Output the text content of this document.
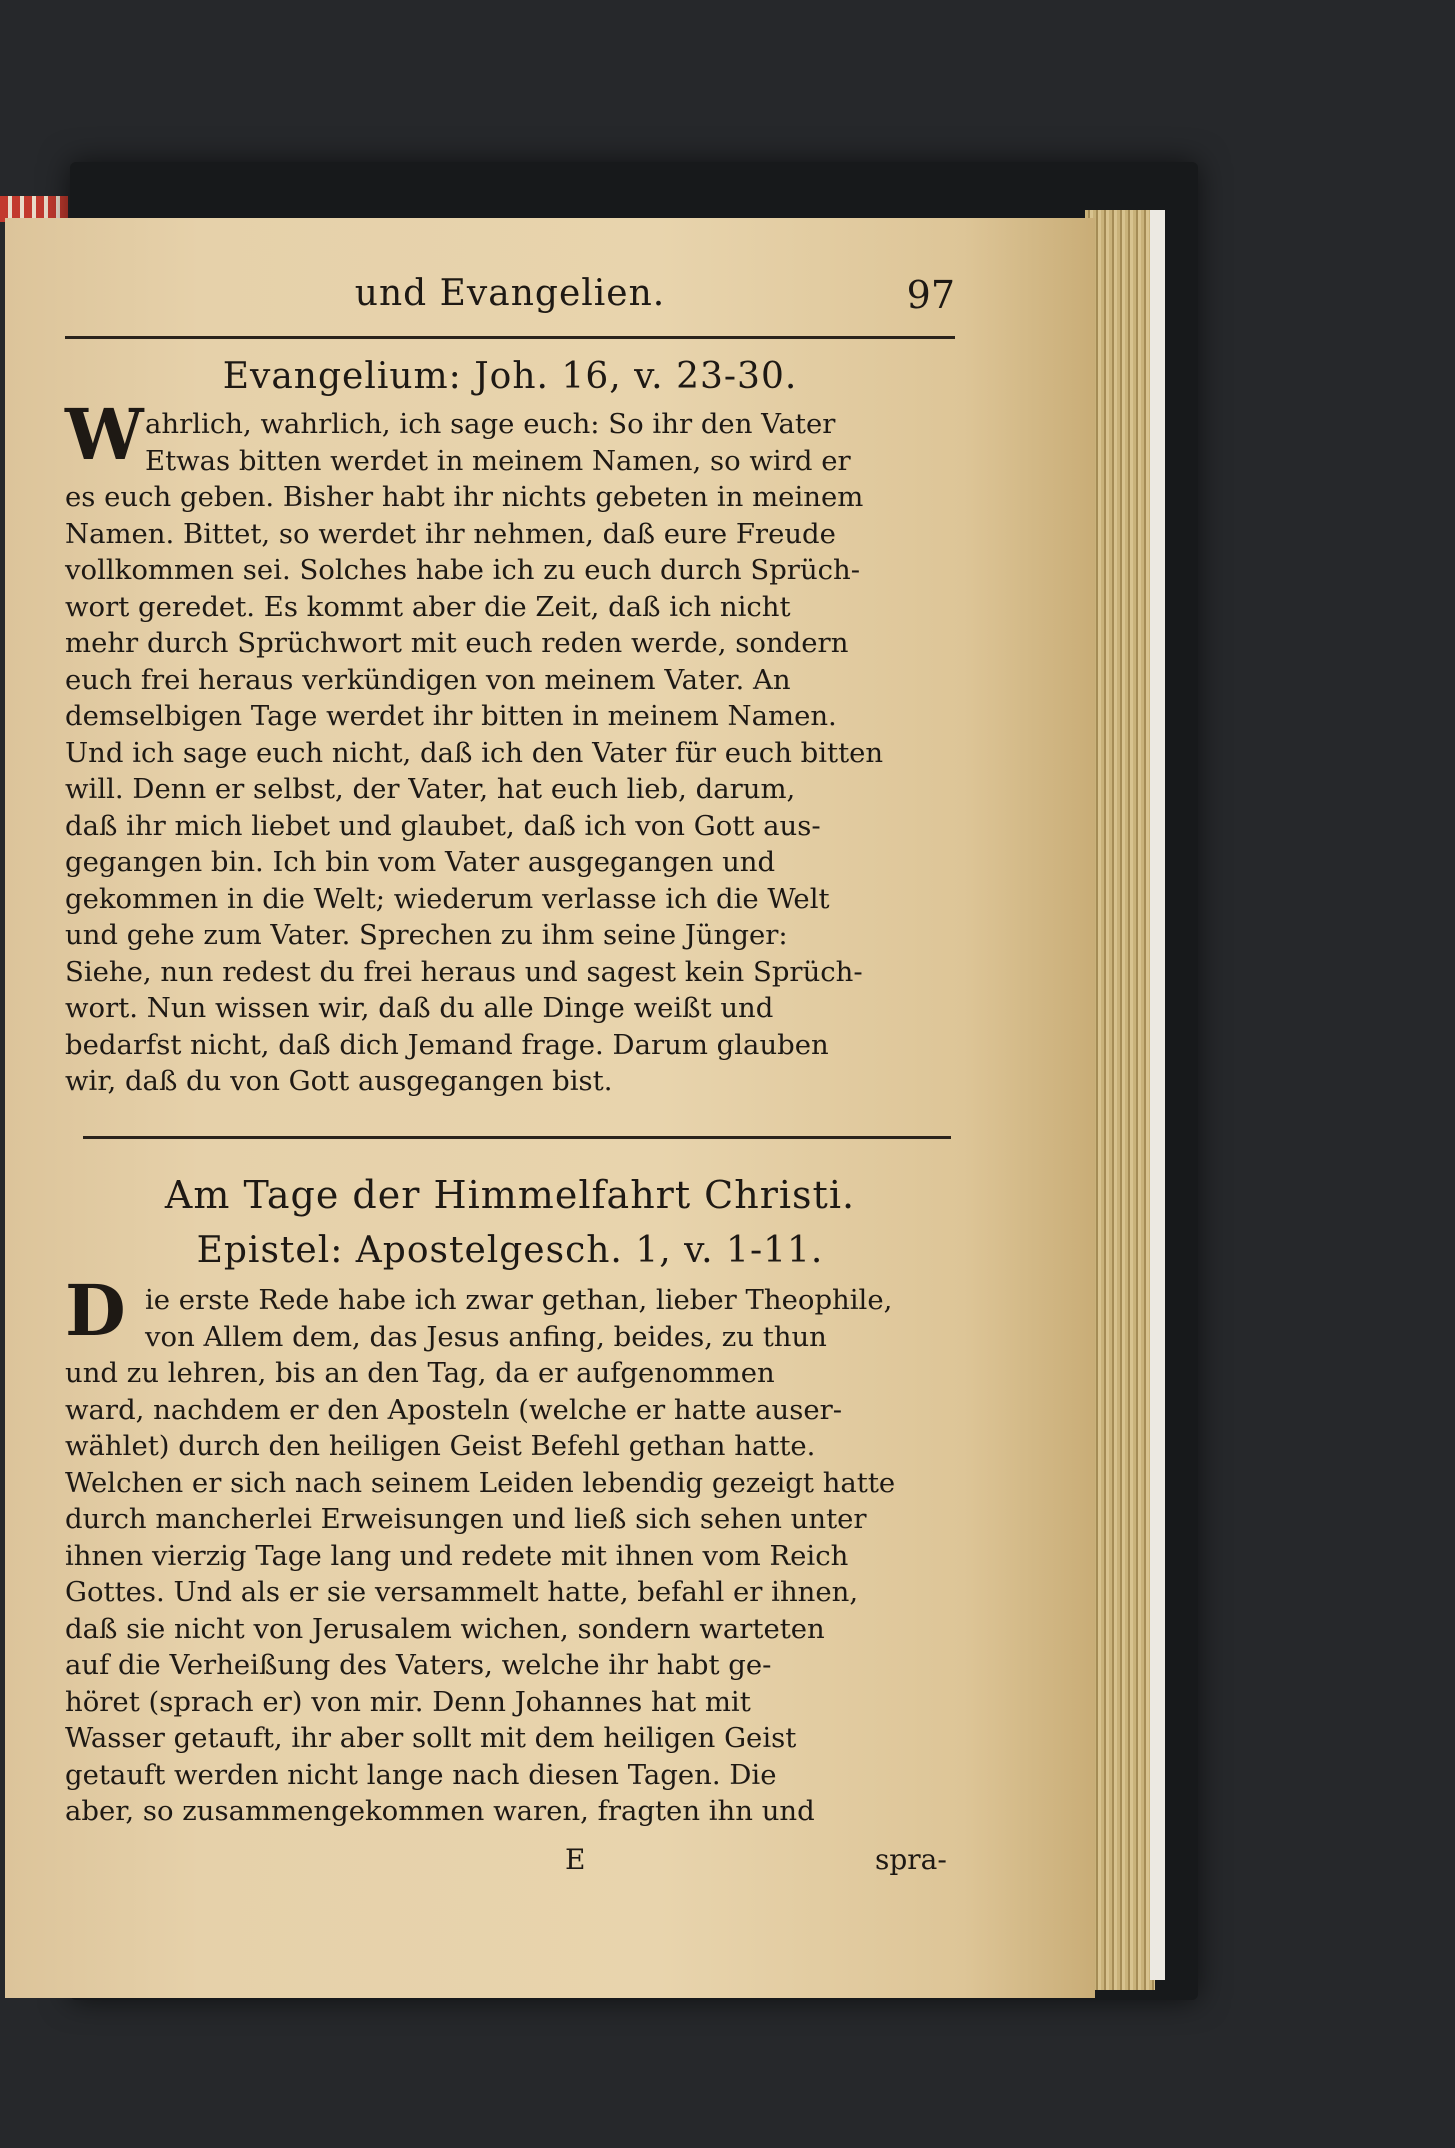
und Evangelien.	97
Evangelium: Joh. 16, v. 23-30.
W ahrlich, wahrlich, ich sage euch: So ihr den Vater
Etwas bitten werdet in meinem Namen, so wird er
es euch geben. Bisher habt ihr nichts gebeten in meinem
Namen. Bittet, so werdet ihr nehmen, daß eure Freude
vollkommen sei. Solches habe ich zu euch durch Sprüch-
wort geredet. Es kommt aber die Zeit, daß ich nicht
mehr durch Sprüchwort mit euch reden werde, sondern
euch frei heraus verkündigen von meinem Vater. An
demselbigen Tage werdet ihr bitten in meinem Namen.
Und ich sage euch nicht, daß ich den Vater für euch bitten
will. Denn er selbst, der Vater, hat euch lieb, darum,
daß ihr mich liebet und glaubet, daß ich von Gott aus-
gegangen bin. Ich bin vom Vater ausgegangen und
gekommen in die Welt; wiederum verlasse ich die Welt
und gehe zum Vater. Sprechen zu ihm seine Jünger:
Siehe, nun redest du frei heraus und sagest kein Sprüch-
wort. Nun wissen wir, daß du alle Dinge weißt und
bedarfst nicht, daß dich Jemand frage. Darum glauben
wir, daß du von Gott ausgegangen bist.
Am Tage der Himmelfahrt Christi.
Epistel: Apostelgesch. 1, v. 1-11.
D ie erste Rede habe ich zwar gethan, lieber Theophile,
von Allem dem, das Jesus anfing, beides, zu thun
und zu lehren, bis an den Tag, da er aufgenommen
ward, nachdem er den Aposteln (welche er hatte auser-
wählet) durch den heiligen Geist Befehl gethan hatte.
Welchen er sich nach seinem Leiden lebendig gezeigt hatte
durch mancherlei Erweisungen und ließ sich sehen unter
ihnen vierzig Tage lang und redete mit ihnen vom Reich
Gottes. Und als er sie versammelt hatte, befahl er ihnen,
daß sie nicht von Jerusalem wichen, sondern warteten
auf die Verheißung des Vaters, welche ihr habt ge-
höret (sprach er) von mir. Denn Johannes hat mit
Wasser getauft, ihr aber sollt mit dem heiligen Geist
getauft werden nicht lange nach diesen Tagen. Die
aber, so zusammengekommen waren, fragten ihn und
E	spra-
